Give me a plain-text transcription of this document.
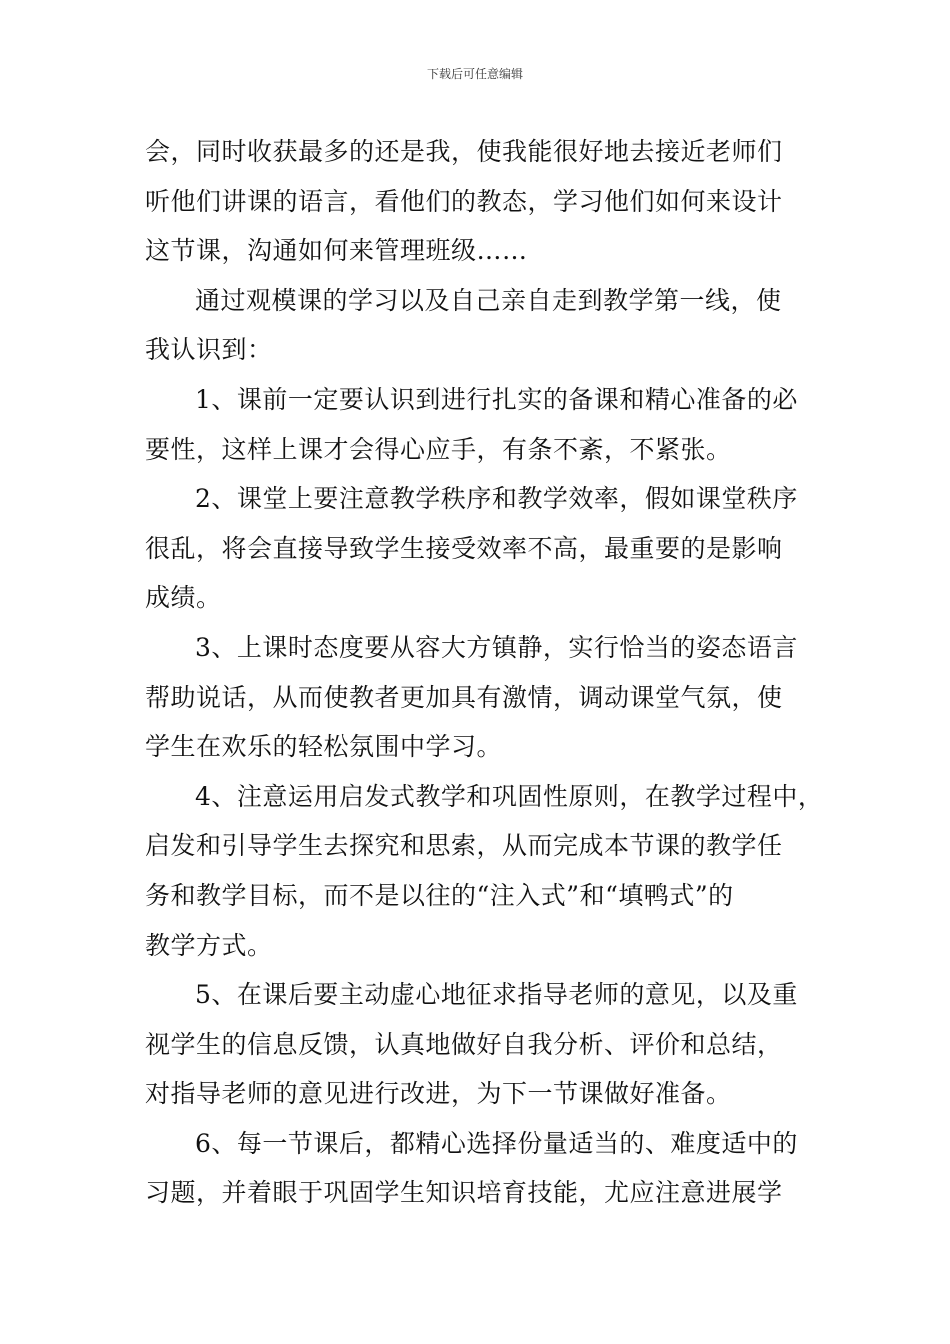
下载后可任意编辑
会，同时收获最多的还是我，使我能很好地去接近老师们
听他们讲课的语言，看他们的教态，学习他们如何来设计
这节课，沟通如何来管理班级……
通过观模课的学习以及自己亲自走到教学第一线，使
我认识到：
1、课前一定要认识到进行扎实的备课和精心准备的必
要性，这样上课才会得心应手，有条不紊，不紧张。
2、课堂上要注意教学秩序和教学效率，假如课堂秩序
很乱，将会直接导致学生接受效率不高，最重要的是影响
成绩。
3、上课时态度要从容大方镇静，实行恰当的姿态语言
帮助说话，从而使教者更加具有激情，调动课堂气氛，使
学生在欢乐的轻松氛围中学习。
4、注意运用启发式教学和巩固性原则，在教学过程中，
启发和引导学生去探究和思索，从而完成本节课的教学任
务和教学目标，而不是以往的“注入式”和“填鸭式”的
教学方式。
5、在课后要主动虚心地征求指导老师的意见，以及重
视学生的信息反馈，认真地做好自我分析、评价和总结，
对指导老师的意见进行改进，为下一节课做好准备。
6、每一节课后，都精心选择份量适当的、难度适中的
习题，并着眼于巩固学生知识培育技能，尤应注意进展学
